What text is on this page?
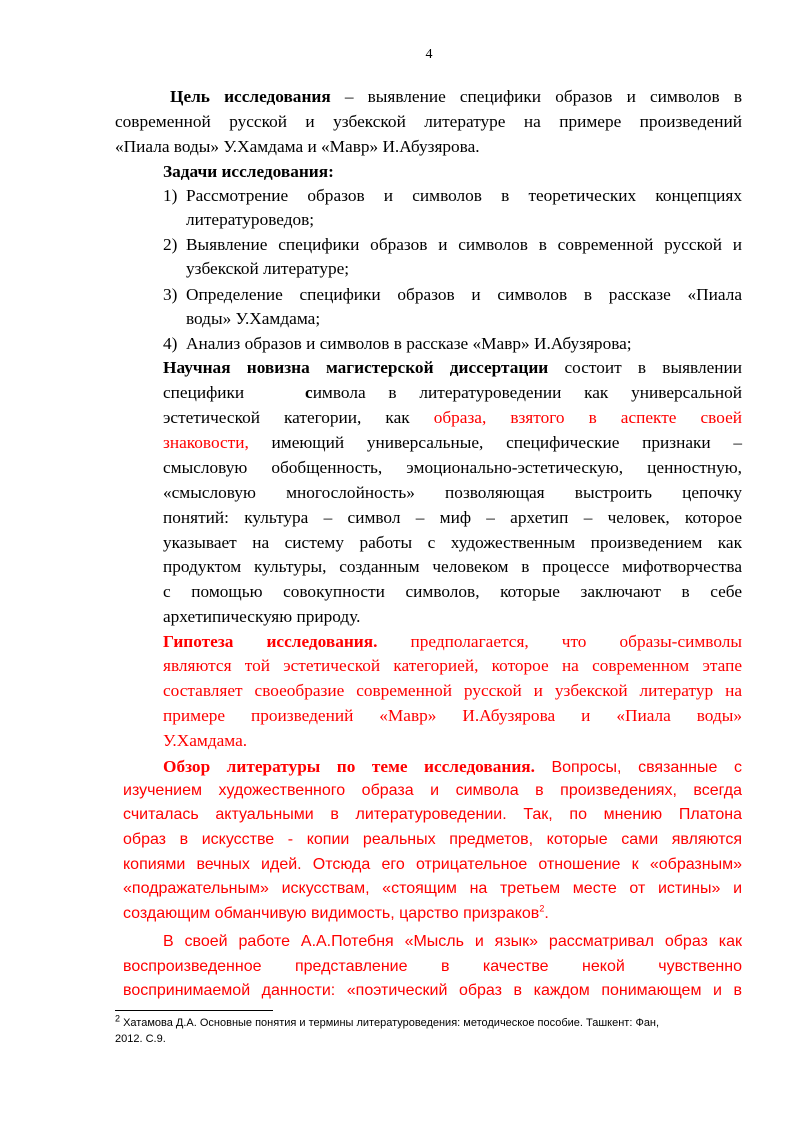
4
Цель исследования – выявление специфики образов и символов в
современной русской и узбекской литературе на примере произведений
«Пиала воды» У.Хамдама и «Мавр» И.Абузярова.
Задачи исследования:
1) Рассмотрение образов и символов в теоретических концепциях
литературоведов;
2) Выявление специфики образов и символов в современной русской и
узбекской литературе;
3) Определение специфики образов и символов в рассказе «Пиала
воды» У.Хамдама;
4) Анализ образов и символов в рассказе «Мавр» И.Абузярова;
Научная новизна магистерской диссертации состоит в выявлении
специфики	символа в литературоведении как универсальной
эстетической категории, как образа, взятого в аспекте своей
знаковости, имеющий универсальные, специфические признаки –
смысловую обобщенность, эмоционально-эстетическую, ценностную,
«смысловую многослойность» позволяющая выстроить цепочку
понятий: культура – символ – миф – архетип – человек, которое
указывает на систему работы с художественным произведением как
продуктом культуры, созданным человеком в процессе мифотворчества
с помощью совокупности символов, которые заключают в себе
архетипическуяю природу.
Гипотеза исследования. предполагается, что образы-символы
являются той эстетической категорией, которое на современном этапе
составляет своеобразие современной русской и узбекской литератур на
примере произведений «Мавр» И.Абузярова и «Пиала воды»
У.Хамдама.
Обзор литературы по теме исследования. Вопросы, связанные с
изучением художественного образа и символа в произведениях, всегда
считалась актуальными в литературоведении. Так, по мнению Платона
образ в искусстве - копии реальных предметов, которые сами являются
копиями вечных идей. Отсюда его отрицательное отношение к «образным»
«подражательным» искусствам, «стоящим на третьем месте от истины» и
создающим обманчивую видимость, царство призраков$^2$.
В своей работе А.А.Потебня «Мысль и язык» рассматривал образ как
воспроизведенное представление в качестве некой чувственно
воспринимаемой данности: «поэтический образ в каждом понимающем и в
$^2$ Хатамова Д.А. Основные понятия и термины литературоведения: методическое пособие. Ташкент: Фан,
2012. С.9.
